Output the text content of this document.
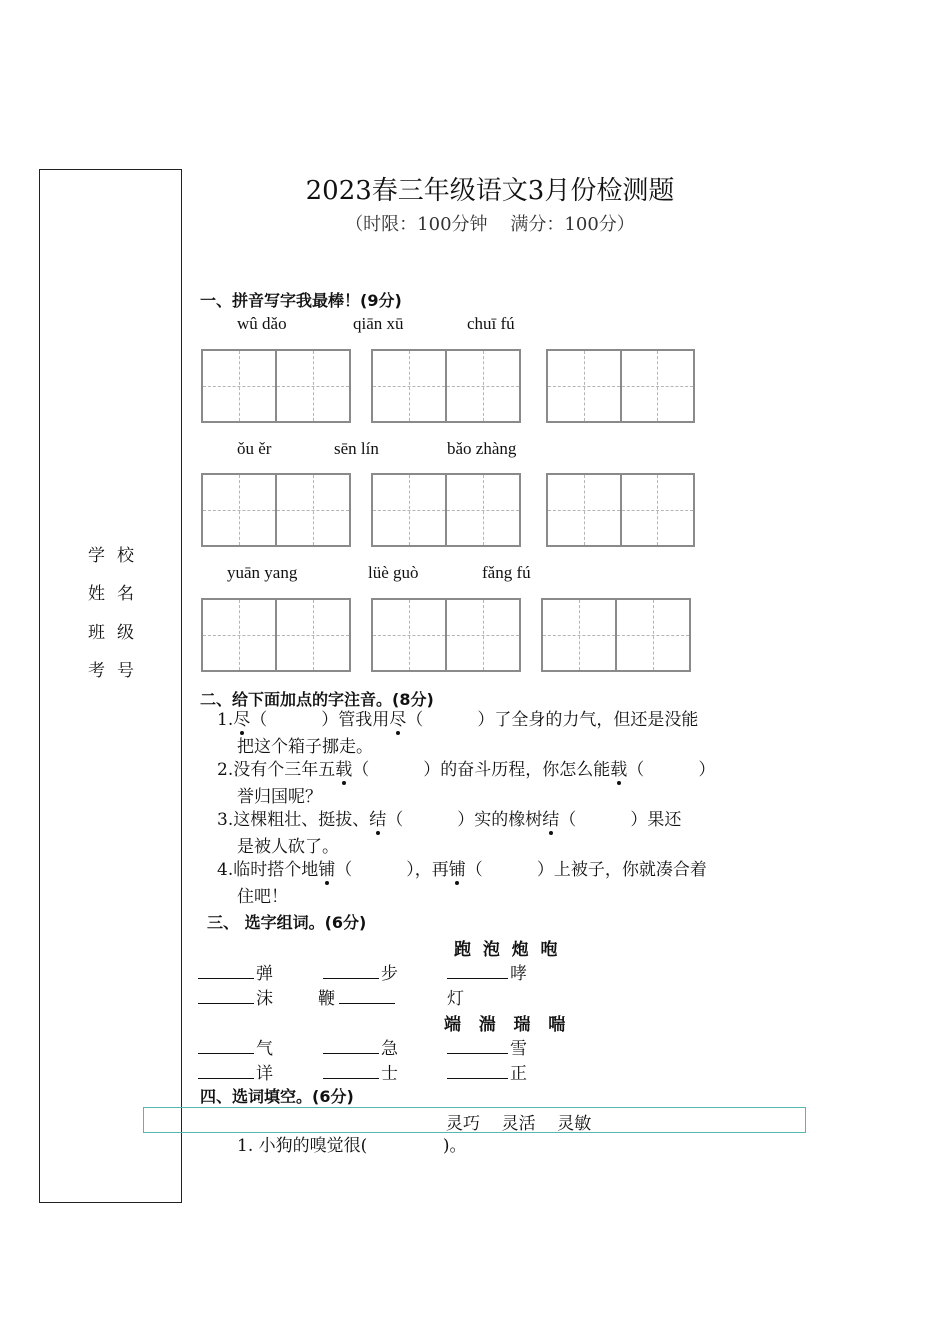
学校
姓名
班级
考号
2023春三年级语文3月份检测题
（时限：100分钟    满分：100分）
一、拼音写字我最棒！(9分)
wû dǎo	qiān xū	chuī fú
ǒu ěr	sēn lín	bǎo zhàng
yuān yang	lüè guò	fǎng fú
二、给下面加点的字注音。(8分)
1.尽（          ）管我用尽（          ）了全身的力气，但还是没能
把这个箱子挪走。
2.没有个三年五载（          ）的奋斗历程，你怎么能载（          ）
誉归国呢？
3.这棵粗壮、挺拔、结（          ）实的橡树结（          ）果还
是被人砍了。
4.临时搭个地铺（          ），再铺（          ）上被子，你就凑合着
住吧！
三、 选字组词。(6分)
跑  泡  炮  咆
弹	步	哮
沫	鞭	灯
端   湍   瑞   喘
气	急	雪
详	士	正
四、选词填空。(6分)
灵巧    灵活    灵敏
1. 小狗的嗅觉很(              )。
